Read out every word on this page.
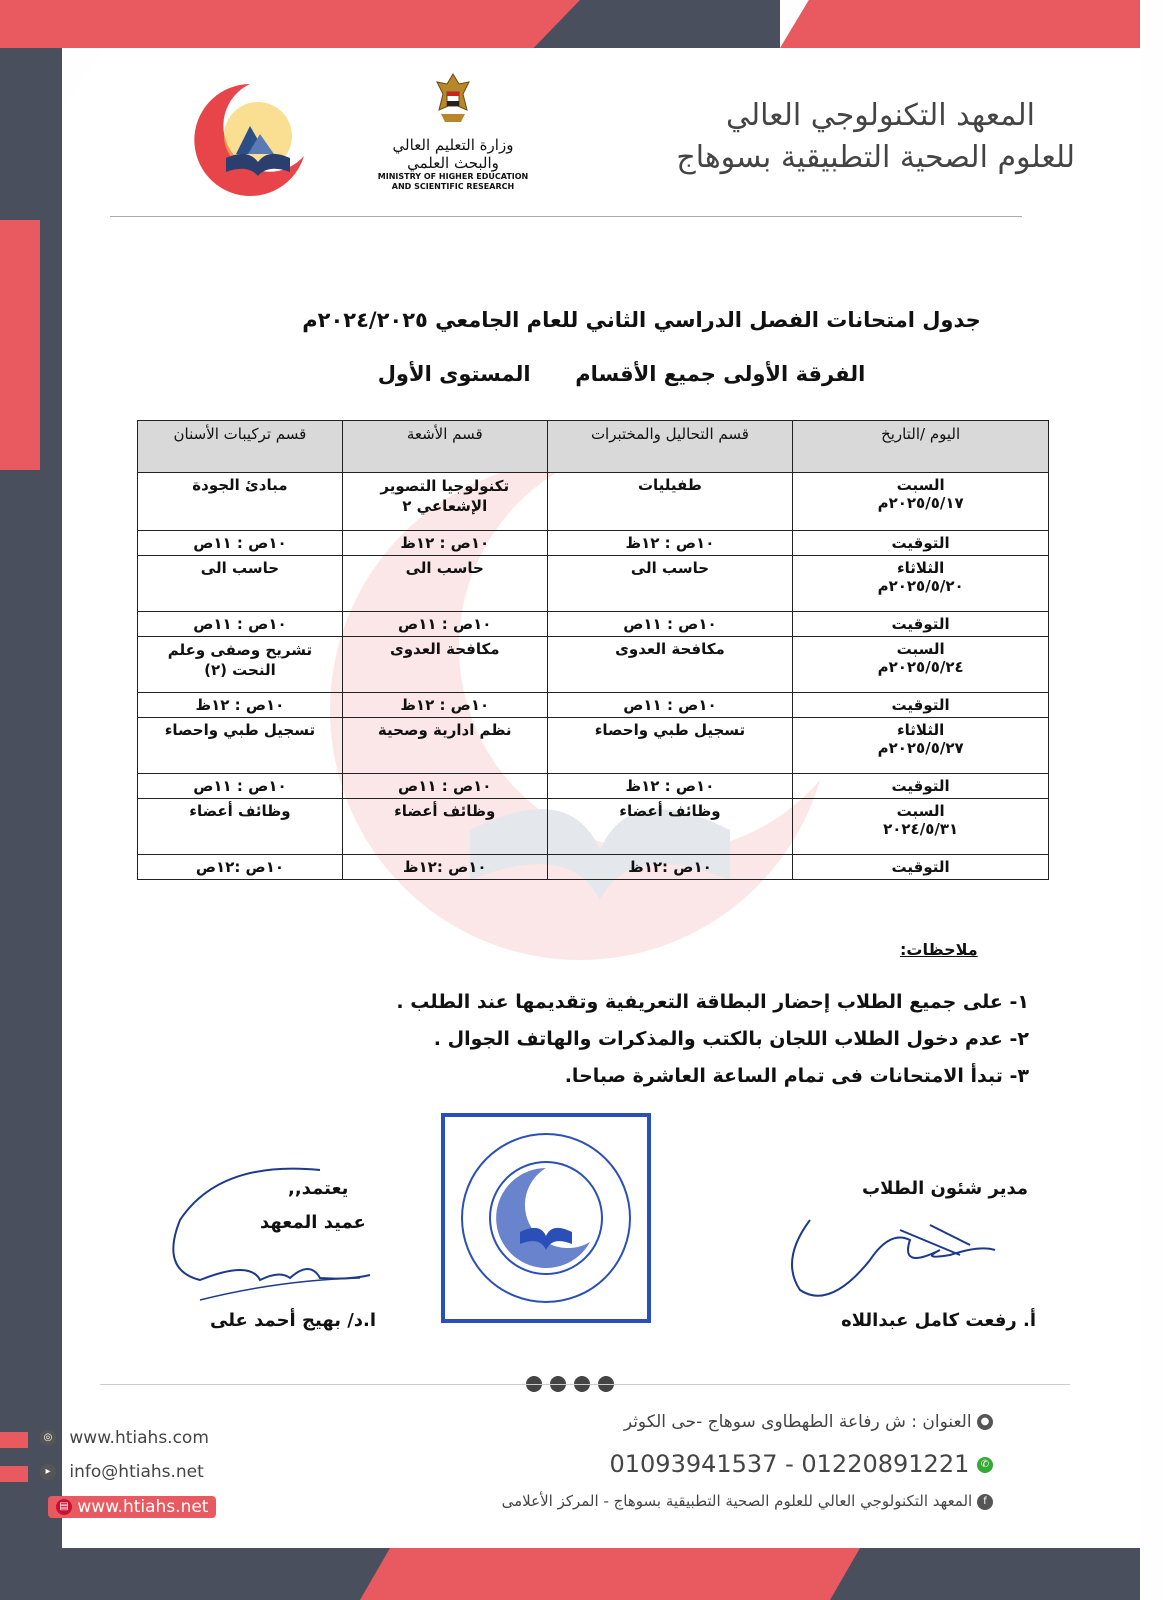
المعهد التكنولوجي العالي
للعلوم الصحية التطبيقية بسوهاج
وزارة التعليم العالي والبحث العلمي
MINISTRY OF HIGHER EDUCATION
AND SCIENTIFIC RESEARCH
جدول امتحانات الفصل الدراسي الثاني للعام الجامعي ٢٠٢٤/٢٠٢٥م
الفرقة الأولى جميع الأقسام  المستوى الأول
اليوم /التاريخ	قسم التحاليل والمختبرات	قسم الأشعة	قسم تركيبات الأسنان

السبت
٢٠٢٥/٥/١٧م	طفيليات	تكنولوجيا التصوير الإشعاعي ٢	مبادئ الجودة
التوقيت	١٠ص : ١٢ظ	١٠ص : ١٢ظ	١٠ص : ١١ص

الثلاثاء
٢٠٢٥/٥/٢٠م	حاسب الى	حاسب الى	حاسب الى
التوقيت	١٠ص : ١١ص	١٠ص : ١١ص	١٠ص : ١١ص

السبت
٢٠٢٥/٥/٢٤م	مكافحة العدوى	مكافحة العدوى	تشريح وصفى وعلم النحت (٢)
التوقيت	١٠ص : ١١ص	١٠ص : ١٢ظ	١٠ص : ١٢ظ

الثلاثاء
٢٠٢٥/٥/٢٧م	تسجيل طبي واحصاء	نظم ادارية وصحية	تسجيل طبي واحصاء
التوقيت	١٠ص : ١٢ظ	١٠ص : ١١ص	١٠ص : ١١ص

السبت
٢٠٢٤/٥/٣١	وظائف أعضاء	وظائف أعضاء	وظائف أعضاء
التوقيت	١٠ص :١٢ظ	١٠ص :١٢ظ	١٠ص :١٢ص
ملاحظات:
١- على جميع الطلاب إحضار البطاقة التعريفية وتقديمها عند الطلب .
٢- عدم دخول الطلاب اللجان بالكتب والمذكرات والهاتف الجوال .
٣- تبدأ الامتحانات فى تمام الساعة العاشرة صباحا.
مدير شئون الطلاب
أ. رفعت كامل عبداللاه
يعتمد,,
عميد المعهد
ا.د/ بهيج أحمد على
● العنوان : ش رفاعة الطهطاوى سوهاج -حى الكوثر
✆ 01220891221 - 01093941537
f المعهد التكنولوجي العالي للعلوم الصحية التطبيقية بسوهاج - المركز الأعلامى
◎ www.htiahs.com
▸ info@htiahs.net
▤ www.htiahs.net
